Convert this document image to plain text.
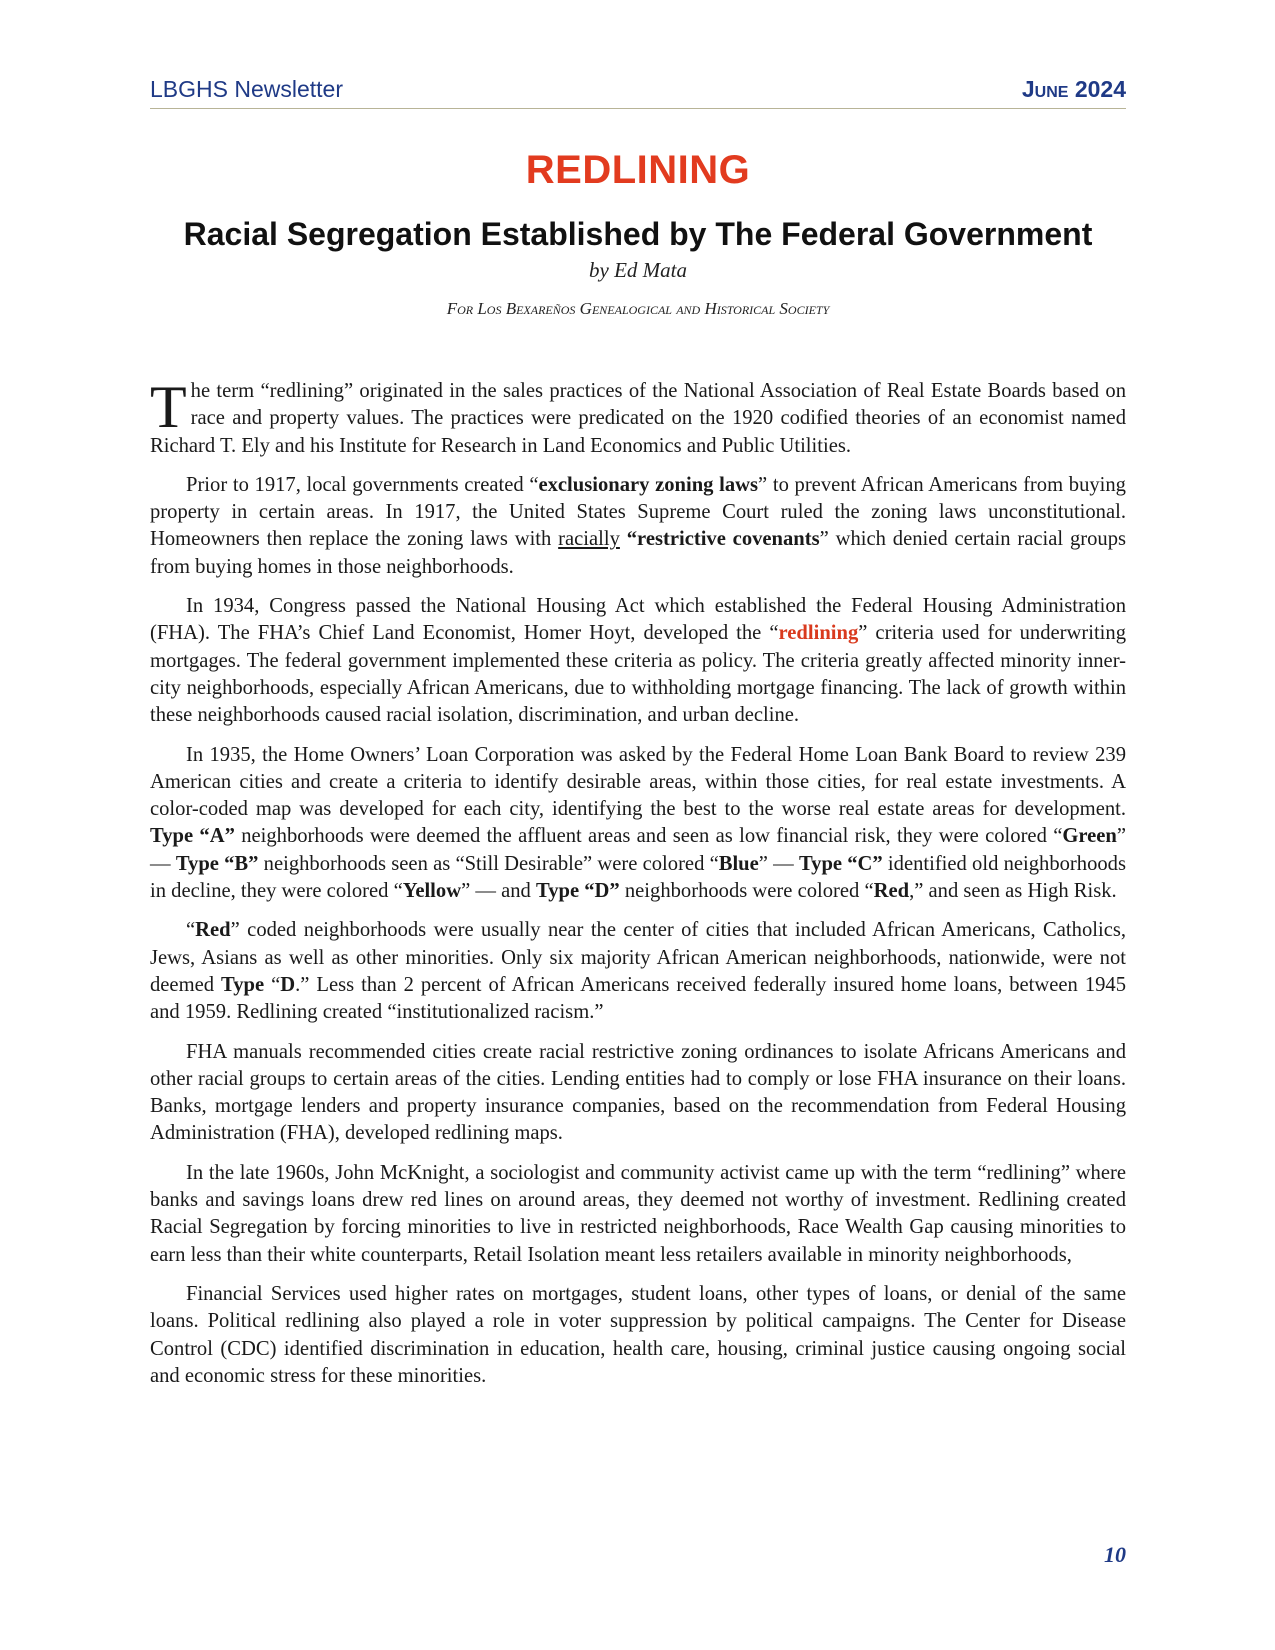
LBGHS Newsletter	June 2024
REDLINING
Racial Segregation Established by The Federal Government
by Ed Mata
For Los Bexareños Genealogical and Historical Society

The term “redlining” originated in the sales practices of the National Association of Real Estate Boards based on race and property values. The practices were predicated on the 1920 codified theories of an economist named Richard T. Ely and his Institute for Research in Land Economics and Public Utilities.

Prior to 1917, local governments created “exclusionary zoning laws” to prevent African Americans from buying property in certain areas. In 1917, the United States Supreme Court ruled the zoning laws unconstitutional. Homeowners then replace the zoning laws with racially “restrictive covenants” which denied certain racial groups from buying homes in those neighborhoods.

In 1934, Congress passed the National Housing Act which established the Federal Housing Administration (FHA). The FHA’s Chief Land Economist, Homer Hoyt, developed the “redlining” criteria used for underwriting mortgages. The federal government implemented these criteria as policy. The criteria greatly affected minority inner-city neighborhoods, especially African Americans, due to withholding mortgage financing. The lack of growth within these neighborhoods caused racial isolation, discrimination, and urban decline.

In 1935, the Home Owners’ Loan Corporation was asked by the Federal Home Loan Bank Board to review 239 American cities and create a criteria to identify desirable areas, within those cities, for real estate investments. A color-coded map was developed for each city, identifying the best to the worse real estate areas for development. Type “A” neighborhoods were deemed the affluent areas and seen as low financial risk, they were colored “Green” — Type “B” neighborhoods seen as “Still Desirable” were colored “Blue” — Type “C” identified old neighborhoods in decline, they were colored “Yellow” — and Type “D” neighborhoods were colored “Red,” and seen as High Risk.

“Red” coded neighborhoods were usually near the center of cities that included African Americans, Catholics, Jews, Asians as well as other minorities. Only six majority African American neighborhoods, nationwide, were not deemed Type “D.” Less than 2 percent of African Americans received federally insured home loans, between 1945 and 1959. Redlining created “institutionalized racism.”

FHA manuals recommended cities create racial restrictive zoning ordinances to isolate Africans Americans and other racial groups to certain areas of the cities. Lending entities had to comply or lose FHA insurance on their loans. Banks, mortgage lenders and property insurance companies, based on the recommendation from Federal Housing Administration (FHA), developed redlining maps.

In the late 1960s, John McKnight, a sociologist and community activist came up with the term “redlining” where banks and savings loans drew red lines on around areas, they deemed not worthy of investment. Redlining created Racial Segregation by forcing minorities to live in restricted neighborhoods, Race Wealth Gap causing minorities to earn less than their white counterparts, Retail Isolation meant less retailers available in minority neighborhoods,

Financial Services used higher rates on mortgages, student loans, other types of loans, or denial of the same loans. Political redlining also played a role in voter suppression by political campaigns. The Center for Disease Control (CDC) identified discrimination in education, health care, housing, criminal justice causing ongoing social and economic stress for these minorities.

10
